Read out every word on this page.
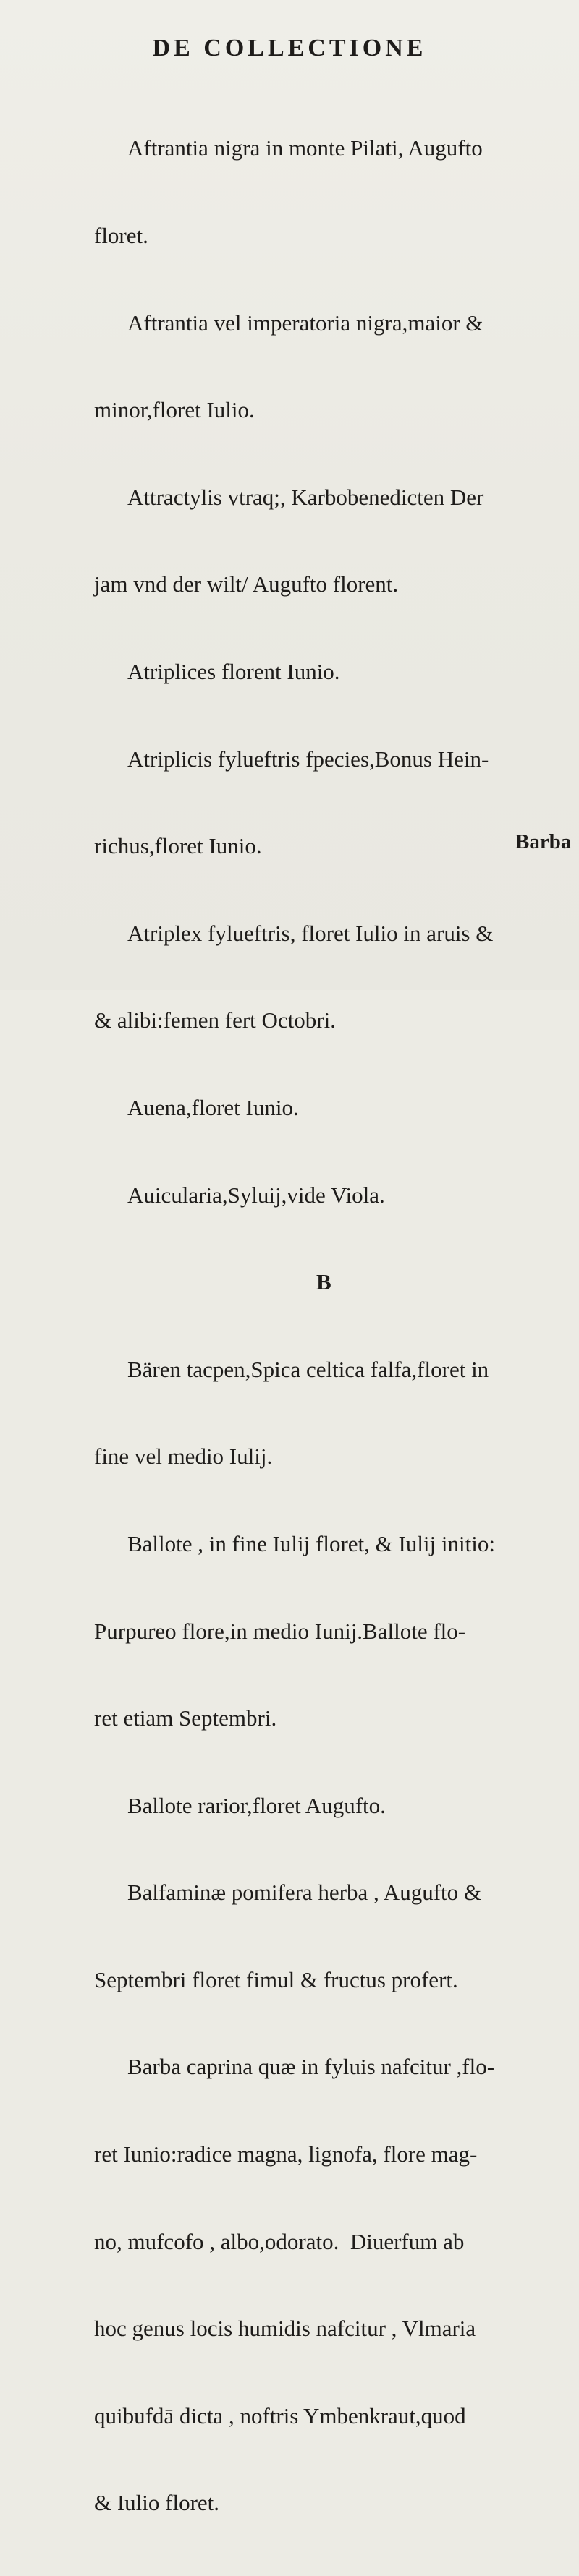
DE COLLECTIONE

Aftrantia nigra in monte Pilati, Augufto

floret.

Aftrantia vel imperatoria nigra,maior &

minor,floret Iulio.

Attractylis vtraq;, Karbobenedicten Der

jam vnd der wilt/ Augufto florent.

Atriplices florent Iunio.

Atriplicis fylueftris fpecies,Bonus Hein-

richus,floret Iunio.

Atriplex fylueftris, floret Iulio in aruis &

& alibi:femen fert Octobri.

Auena,floret Iunio.

Auicularia,Syluij,vide Viola.

B

Bären tacpen,Spica celtica falfa,floret in

fine vel medio Iulij.

Ballote , in fine Iulij floret, & Iulij initio:

Purpureo flore,in medio Iunij.Ballote flo-

ret etiam Septembri.

Ballote rarior,floret Augufto.

Balfaminæ pomifera herba , Augufto &

Septembri floret fimul & fructus profert.

Barba caprina quæ in fyluis nafcitur ,flo-

ret Iunio:radice magna, lignofa, flore mag-

no, mufcofo , albo,odorato.  Diuerfum ab

hoc genus locis humidis nafcitur , Vlmaria

quibufdā dicta , noftris Ymbenkraut,quod

& Iulio floret.

Barba
